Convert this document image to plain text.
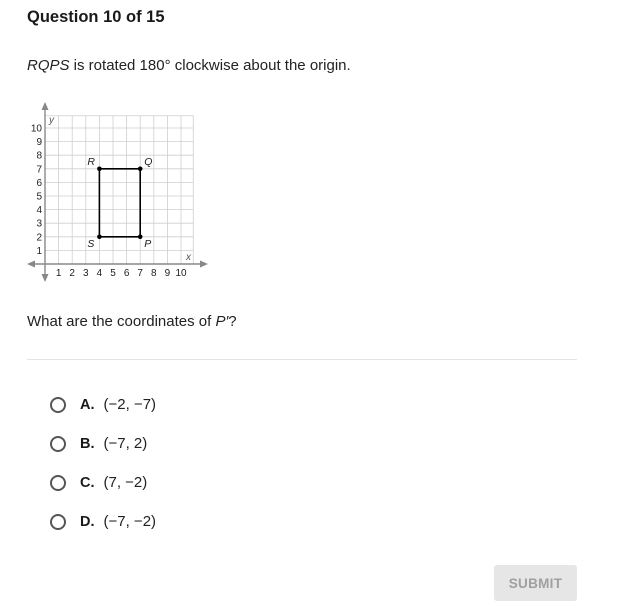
Question 10 of 15
RQPS is rotated 180° clockwise about the origin.
x
y
1 2 3 4 5 6 7 8 9 10
1
2
3
4
5
6
7
8
9
10
R	Q
P
S
What are the coordinates of P′?
A. (−2, −7)
B. (−7, 2)
C. (7, −2)
D. (−7, −2)
SUBMIT
